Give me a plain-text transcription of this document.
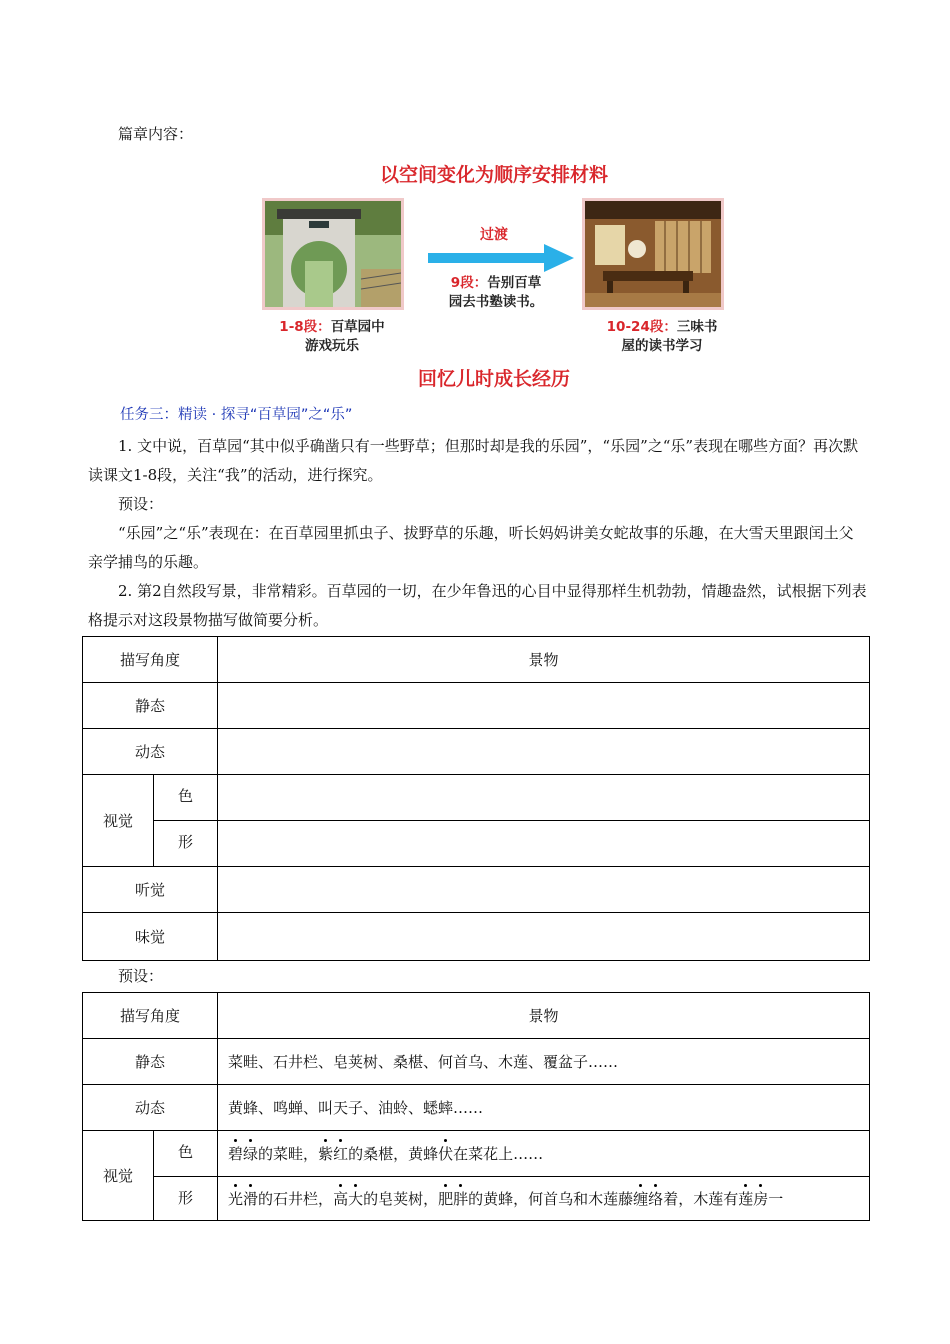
篇章内容：
以空间变化为顺序安排材料
过渡
9段：告别百草
园去书塾读书。
1-8段：百草园中
游戏玩乐
10-24段：三味书
屋的读书学习
回忆儿时成长经历
任务三：精读 · 探寻“百草园”之“乐”

1. 文中说，百草园“其中似乎确凿只有一些野草；但那时却是我的乐园”，“乐园”之“乐”表现在哪些方面？再次默读课文1-8段，关注“我”的活动，进行探究。

预设：

“乐园”之“乐”表现在：在百草园里抓虫子、拔野草的乐趣，听长妈妈讲美女蛇故事的乐趣，在大雪天里跟闰土父亲学捕鸟的乐趣。

2. 第2自然段写景，非常精彩。百草园的一切，在少年鲁迅的心目中显得那样生机勃勃，情趣盎然，试根据下列表格提示对这段景物描写做简要分析。

描写角度		景物
静态		
动态		
视觉	色	
	形	
听觉		
味觉		
预设：
描写角度		景物
静态		菜畦、石井栏、皂荚树、桑椹、何首乌、木莲、覆盆子……
动态		黄蜂、鸣蝉、叫天子、油蛉、蟋蟀……
视觉	色	碧绿的菜畦，紫红的桑椹，黄蜂伏在菜花上……
	形	光滑的石井栏，高大的皂荚树，肥胖的黄蜂，何首乌和木莲藤缠络着，木莲有莲房一
